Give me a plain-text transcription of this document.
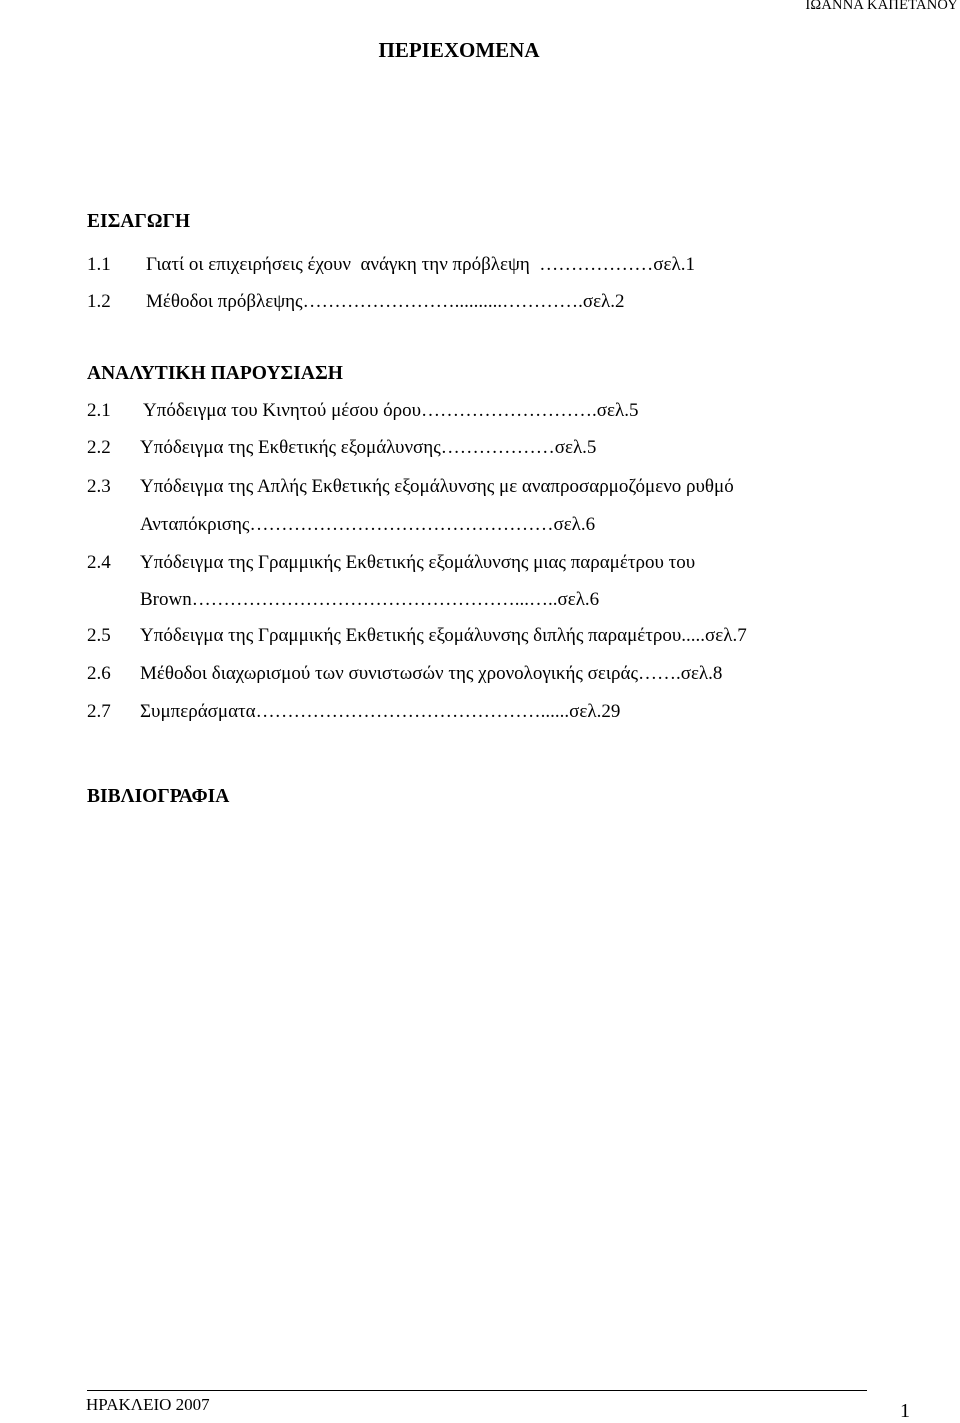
ΙΩΑΝΝΑ ΚΑΠΕΤΑΝΟΥ
ΠΕΡΙΕΧΟΜΕΝΑ
ΕΙΣΑΓΩΓΗ

1.1

Γιατί οι επιχειρήσεις έχουν  ανάγκη την πρόβλεψη  ………………σελ.1

1.2

Μέθοδοι πρόβλεψης……………………..........………….σελ.2

ΑΝΑΛΥΤΙΚΗ ΠΑΡΟΥΣΙΑΣΗ

2.1

Υπόδειγμα του Κινητού μέσου όρου……………………….σελ.5

2.2

Υπόδειγμα της Εκθετικής εξομάλυνσης………………σελ.5

2.3

Υπόδειγμα της Απλής Εκθετικής εξομάλυνσης με αναπροσαρμοζόμενο ρυθμό

Ανταπόκρισης…………………………………………σελ.6

2.4

Υπόδειγμα της Γραμμικής Εκθετικής εξομάλυνσης μιας παραμέτρου του

Brown……………………………………………...…..σελ.6

2.5

Υπόδειγμα της Γραμμικής Εκθετικής εξομάλυνσης διπλής παραμέτρου.....σελ.7

2.6

Μέθοδοι διαχωρισμού των συνιστωσών της χρονολογικής σειράς…….σελ.8

2.7

Συμπεράσματα………………………………………......σελ.29

ΒΙΒΛΙΟΓΡΑΦΙΑ
ΗΡΑΚΛΕΙΟ 2007	1
